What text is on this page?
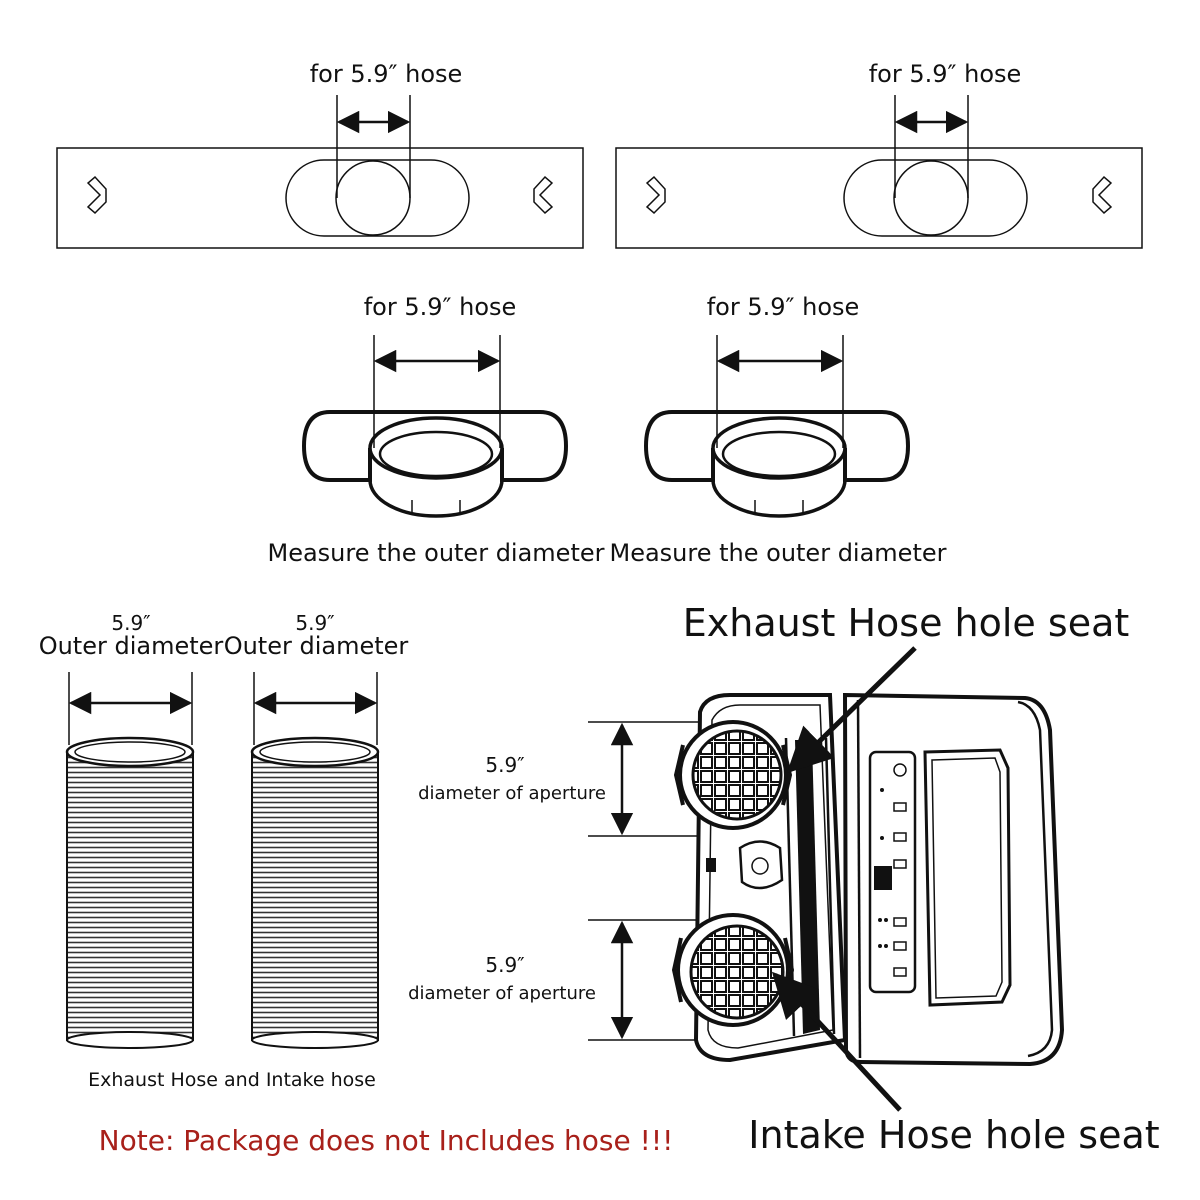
for 5.9″ hose	for 5.9″ hose
for 5.9″ hose
Measure the outer diameter
for 5.9″ hose
Measure the outer diameter
5.9″
Outer diameter
5.9″
Outer diameter
Exhaust Hose and Intake hose
Exhaust Hose hole seat
5.9″
diameter of aperture
5.9″
diameter of aperture
Intake Hose hole seat
Note: Package does not Includes hose !!!
